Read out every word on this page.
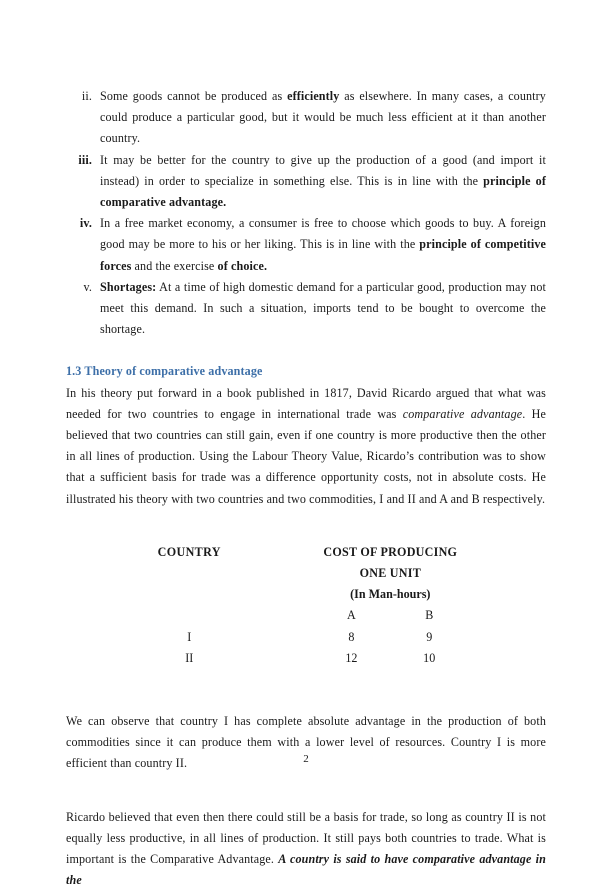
ii. Some goods cannot be produced as efficiently as elsewhere. In many cases, a country could produce a particular good, but it would be much less efficient at it than another country.
iii. It may be better for the country to give up the production of a good (and import it instead) in order to specialize in something else. This is in line with the principle of comparative advantage.
iv. In a free market economy, a consumer is free to choose which goods to buy. A foreign good may be more to his or her liking. This is in line with the principle of competitive forces and the exercise of choice.
v. Shortages: At a time of high domestic demand for a particular good, production may not meet this demand. In such a situation, imports tend to be bought to overcome the shortage.
1.3 Theory of comparative advantage

In his theory put forward in a book published in 1817, David Ricardo argued that what was needed for two countries to engage in international trade was comparative advantage. He believed that two countries can still gain, even if one country is more productive then the other in all lines of production. Using the Labour Theory Value, Ricardo’s contribution was to show that a sufficient basis for trade was a difference opportunity costs, not in absolute costs. He illustrated his theory with two countries and two commodities, I and II and A and B respectively.

COUNTRY	COST OF PRODUCING ONE UNIT		
	(In Man-hours)		
	A	B	
I	8	9	
II	12	10	

We can observe that country I has complete absolute advantage in the production of both commodities since it can produce them with a lower level of resources. Country I is more efficient than country II.

Ricardo believed that even then there could still be a basis for trade, so long as country II is not equally less productive, in all lines of production. It still pays both countries to trade. What is important is the Comparative Advantage. A country is said to have comparative advantage in the

2
